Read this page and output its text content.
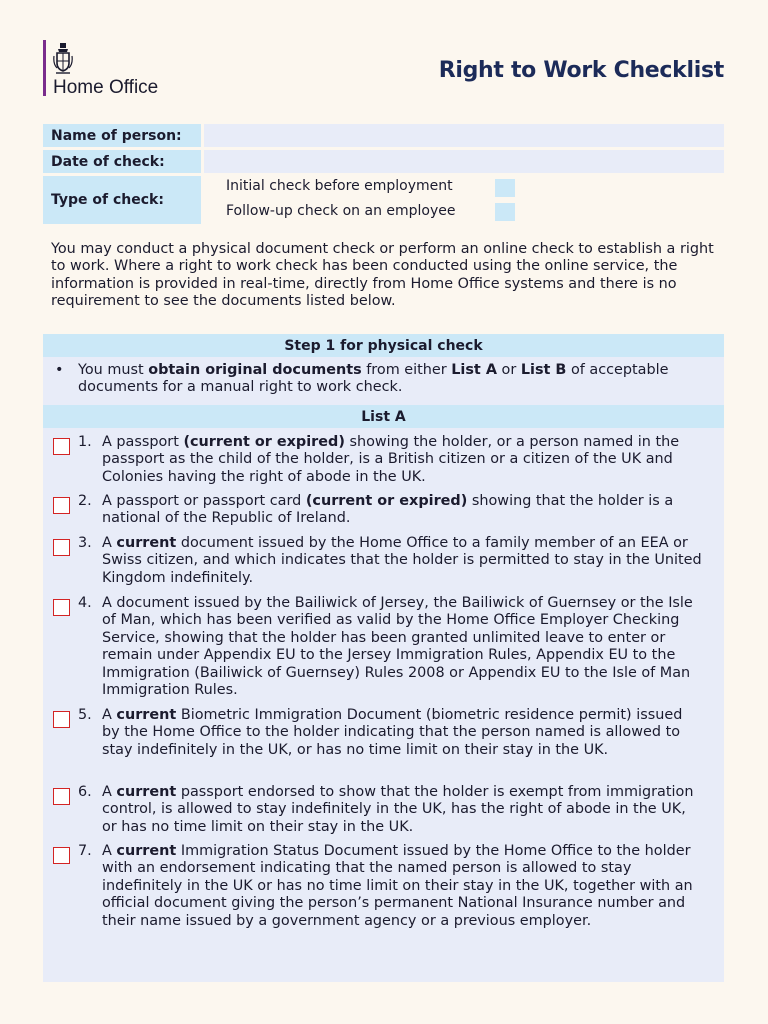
Home Office
Right to Work Checklist
Name of person:
Date of check:
Type of check:
Initial check before employment
Follow-up check on an employee
You may conduct a physical document check or perform an online check to establish a right to work. Where a right to work check has been conducted using the online service, the information is provided in real-time, directly from Home Office systems and there is no requirement to see the documents listed below.
Step 1 for physical check
• You must obtain original documents from either List A or List B of acceptable documents for a manual right to work check.
List A
1. A passport (current or expired) showing the holder, or a person named in the passport as the child of the holder, is a British citizen or a citizen of the UK and Colonies having the right of abode in the UK.
2. A passport or passport card (current or expired) showing that the holder is a national of the Republic of Ireland.
3. A current document issued by the Home Office to a family member of an EEA or Swiss citizen, and which indicates that the holder is permitted to stay in the United Kingdom indefinitely.
4. A document issued by the Bailiwick of Jersey, the Bailiwick of Guernsey or the Isle of Man, which has been verified as valid by the Home Office Employer Checking Service, showing that the holder has been granted unlimited leave to enter or remain under Appendix EU to the Jersey Immigration Rules, Appendix EU to the Immigration (Bailiwick of Guernsey) Rules 2008 or Appendix EU to the Isle of Man Immigration Rules.
5. A current Biometric Immigration Document (biometric residence permit) issued by the Home Office to the holder indicating that the person named is allowed to stay indefinitely in the UK, or has no time limit on their stay in the UK.
6. A current passport endorsed to show that the holder is exempt from immigration control, is allowed to stay indefinitely in the UK, has the right of abode in the UK, or has no time limit on their stay in the UK.
7. A current Immigration Status Document issued by the Home Office to the holder with an endorsement indicating that the named person is allowed to stay indefinitely in the UK or has no time limit on their stay in the UK, together with an official document giving the person’s permanent National Insurance number and their name issued by a government agency or a previous employer.
